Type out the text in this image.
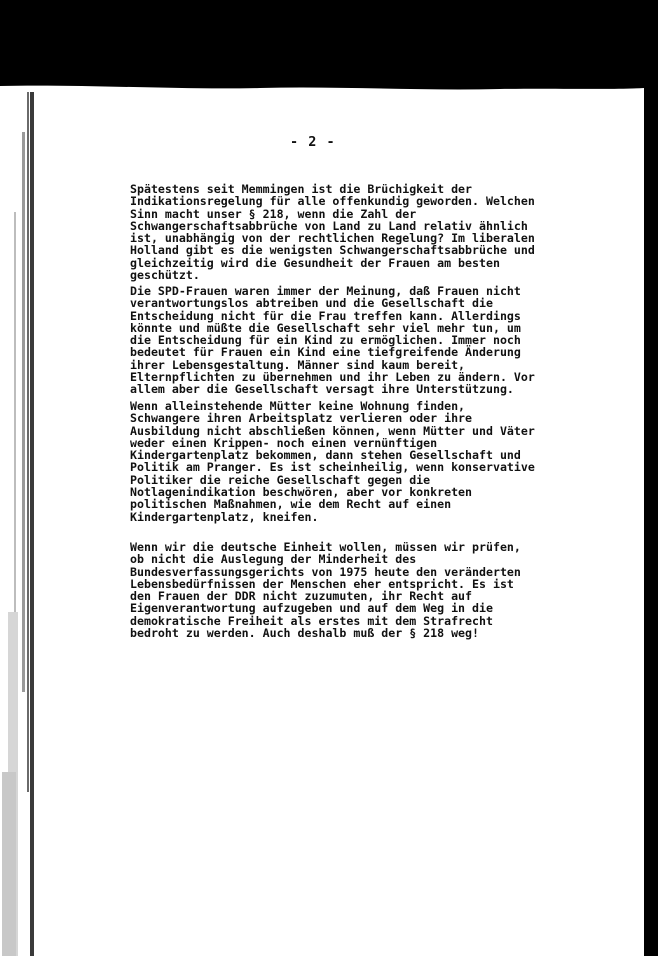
- 2 -
Spätestens seit Memmingen ist die Brüchigkeit der
Indikationsregelung für alle offenkundig geworden. Welchen
Sinn macht unser § 218, wenn die Zahl der
Schwangerschaftsabbrüche von Land zu Land relativ ähnlich
ist, unabhängig von der rechtlichen Regelung? Im liberalen
Holland gibt es die wenigsten Schwangerschaftsabbrüche und
gleichzeitig wird die Gesundheit der Frauen am besten
geschützt.
Die SPD-Frauen waren immer der Meinung, daß Frauen nicht
verantwortungslos abtreiben und die Gesellschaft die
Entscheidung nicht für die Frau treffen kann. Allerdings
könnte und müßte die Gesellschaft sehr viel mehr tun, um
die Entscheidung für ein Kind zu ermöglichen. Immer noch
bedeutet für Frauen ein Kind eine tiefgreifende Änderung
ihrer Lebensgestaltung. Männer sind kaum bereit,
Elternpflichten zu übernehmen und ihr Leben zu ändern. Vor
allem aber die Gesellschaft versagt ihre Unterstützung.
Wenn alleinstehende Mütter keine Wohnung finden,
Schwangere ihren Arbeitsplatz verlieren oder ihre
Ausbildung nicht abschließen können, wenn Mütter und Väter
weder einen Krippen- noch einen vernünftigen
Kindergartenplatz bekommen, dann stehen Gesellschaft und
Politik am Pranger. Es ist scheinheilig, wenn konservative
Politiker die reiche Gesellschaft gegen die
Notlagenindikation beschwören, aber vor konkreten
politischen Maßnahmen, wie dem Recht auf einen
Kindergartenplatz, kneifen.
Wenn wir die deutsche Einheit wollen, müssen wir prüfen,
ob nicht die Auslegung der Minderheit des
Bundesverfassungsgerichts von 1975 heute den veränderten
Lebensbedürfnissen der Menschen eher entspricht. Es ist
den Frauen der DDR nicht zuzumuten, ihr Recht auf
Eigenverantwortung aufzugeben und auf dem Weg in die
demokratische Freiheit als erstes mit dem Strafrecht
bedroht zu werden. Auch deshalb muß der § 218 weg!
